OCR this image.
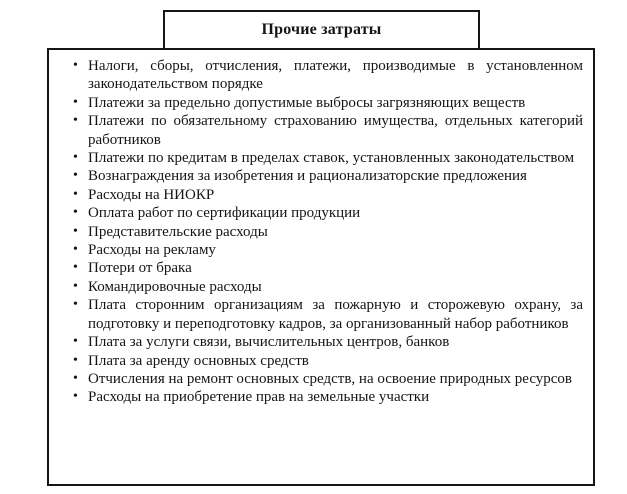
Прочие затраты
• Налоги, сборы, отчисления, платежи, производимые в установленном законодательством порядке
• Платежи за предельно допустимые выбросы загрязняющих веществ
• Платежи по обязательному страхованию имущества, отдельных категорий работников
• Платежи по кредитам в пределах ставок, установленных законодательством
• Вознаграждения за изобретения и рационализаторские предложения
• Расходы на НИОКР
• Оплата работ по сертификации продукции
• Представительские расходы
• Расходы на рекламу
• Потери от брака
• Командировочные расходы
• Плата сторонним организациям за пожарную и сторожевую охрану, за подготовку и переподготовку кадров, за организованный набор работников
• Плата за услуги связи, вычислительных центров, банков
• Плата за аренду основных средств
• Отчисления на ремонт основных средств, на освоение природных ресурсов
• Расходы на приобретение прав на земельные участки
